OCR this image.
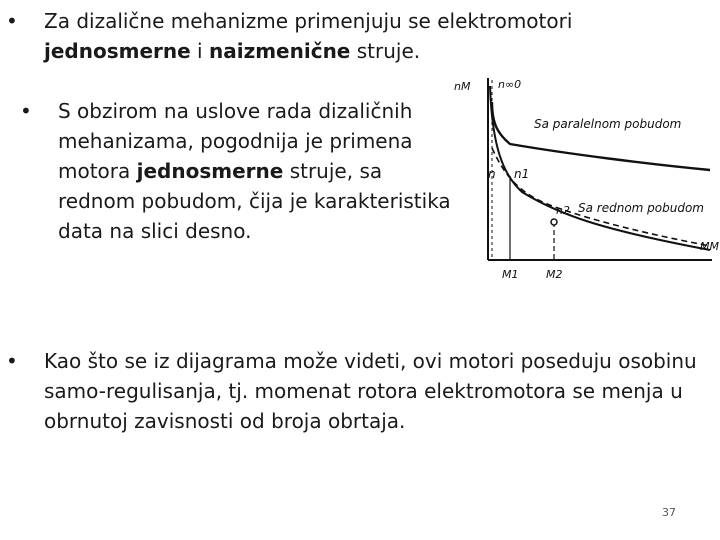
• Za dizalične mehanizme primenjuju se elektromotori
jednosmerne i naizmenične struje.
• S obzirom na uslove rada dizaličnih mehanizama, pogodnija je primena motora jednosmerne struje, sa rednom pobudom, čija je karakteristika data na slici desno.
nM	n∞0
Sa paralelnom pobudom
Sa rednom pobudom
n n1
n2
MM
M1	M2
• Kao što se iz dijagrama može videti, ovi motori poseduju osobinu samo-regulisanja, tj. momenat rotora elektromotora se menja u obrnutoj zavisnosti od broja obrtaja.
37
